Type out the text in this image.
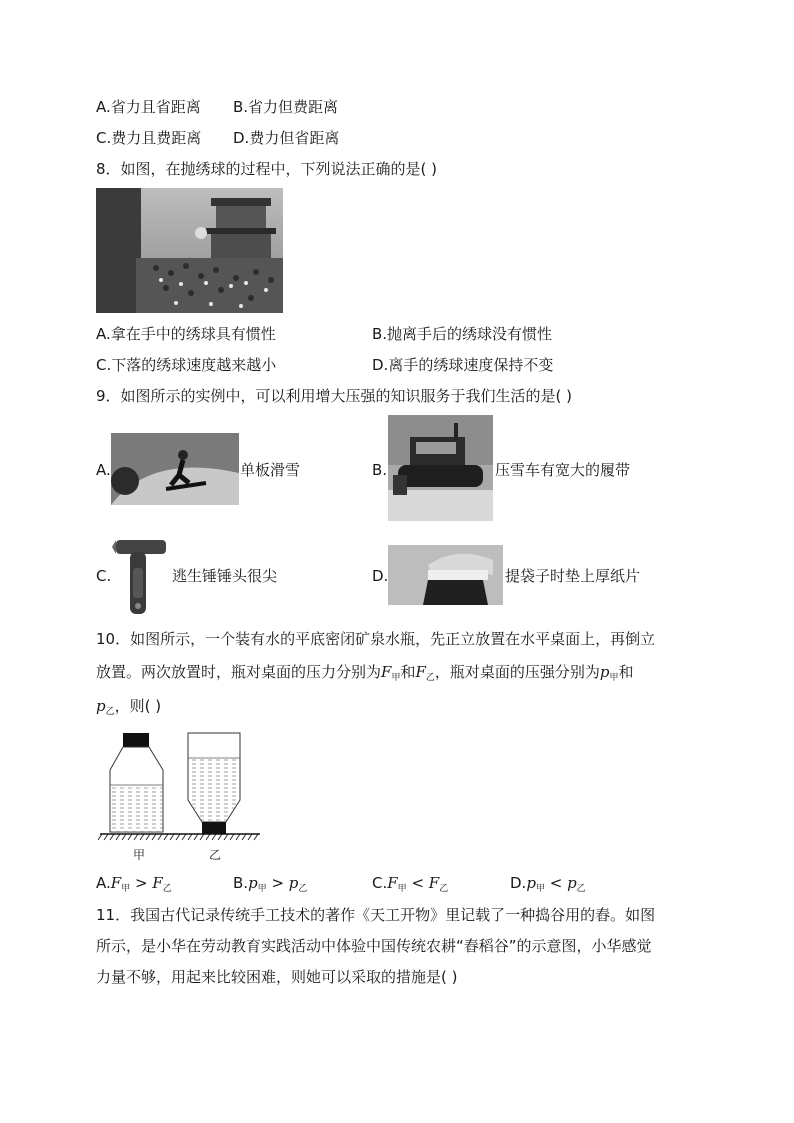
A.省力且省距离 B.省力但费距离
C.费力且费距离 D.费力但省距离
8．如图，在抛绣球的过程中，下列说法正确的是( )
A.拿在手中的绣球具有惯性	B.抛离手后的绣球没有惯性
C.下落的绣球速度越来越小	D.离手的绣球速度保持不变
9．如图所示的实例中，可以利用增大压强的知识服务于我们生活的是( )
A.	单板滑雪	B.	压雪车有宽大的履带
C.	逃生锤锤头很尖	D.	提袋子时垫上厚纸片
10．如图所示，一个装有水的平底密闭矿泉水瓶，先正立放置在水平桌面上，再倒立
放置。两次放置时，瓶对桌面的压力分别为$F_甲$和$F_乙$，瓶对桌面的压强分别为$p_甲$和
$p_乙$，则( )
甲	乙
$A.F_甲 > F_乙$	$B.p_甲 > p_乙$	$C.F_甲 < F_乙$	$D.p_甲 < p_乙$
11．我国古代记录传统手工技术的著作《天工开物》里记载了一种捣谷用的舂。如图
所示，是小华在劳动教育实践活动中体验中国传统农耕“舂稻谷”的示意图，小华感觉
力量不够，用起来比较困难，则她可以采取的措施是( )
